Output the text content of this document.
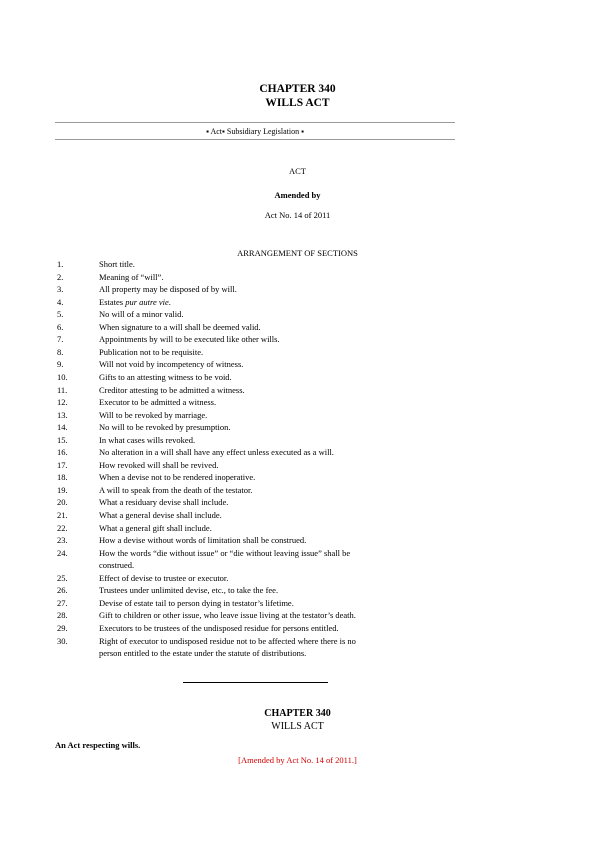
CHAPTER 340
WILLS ACT
▪ Act▪ Subsidiary Legislation ▪
ACT
Amended by
Act No. 14 of 2011
ARRANGEMENT OF SECTIONS
1.	Short title.
2.	Meaning of “will”.
3.	All property may be disposed of by will.
4.	Estates pur autre vie.
5.	No will of a minor valid.
6.	When signature to a will shall be deemed valid.
7.	Appointments by will to be executed like other wills.
8.	Publication not to be requisite.
9.	Will not void by incompetency of witness.
10.	Gifts to an attesting witness to be void.
11.	Creditor attesting to be admitted a witness.
12.	Executor to be admitted a witness.
13.	Will to be revoked by marriage.
14.	No will to be revoked by presumption.
15.	In what cases wills revoked.
16.	No alteration in a will shall have any effect unless executed as a will.
17.	How revoked will shall be revived.
18.	When a devise not to be rendered inoperative.
19.	A will to speak from the death of the testator.
20.	What a residuary devise shall include.
21.	What a general devise shall include.
22.	What a general gift shall include.
23.	How a devise without words of limitation shall be construed.
24.	How the words “die without issue” or “die without leaving issue” shall be
construed.
25.	Effect of devise to trustee or executor.
26.	Trustees under unlimited devise, etc., to take the fee.
27.	Devise of estate tail to person dying in testator’s lifetime.
28.	Gift to children or other issue, who leave issue living at the testator’s death.
29.	Executors to be trustees of the undisposed residue for persons entitled.
30.	Right of executor to undisposed residue not to be affected where there is no
person entitled to the estate under the statute of distributions.
CHAPTER 340
WILLS ACT
An Act respecting wills.
[Amended by Act No. 14 of 2011.]
